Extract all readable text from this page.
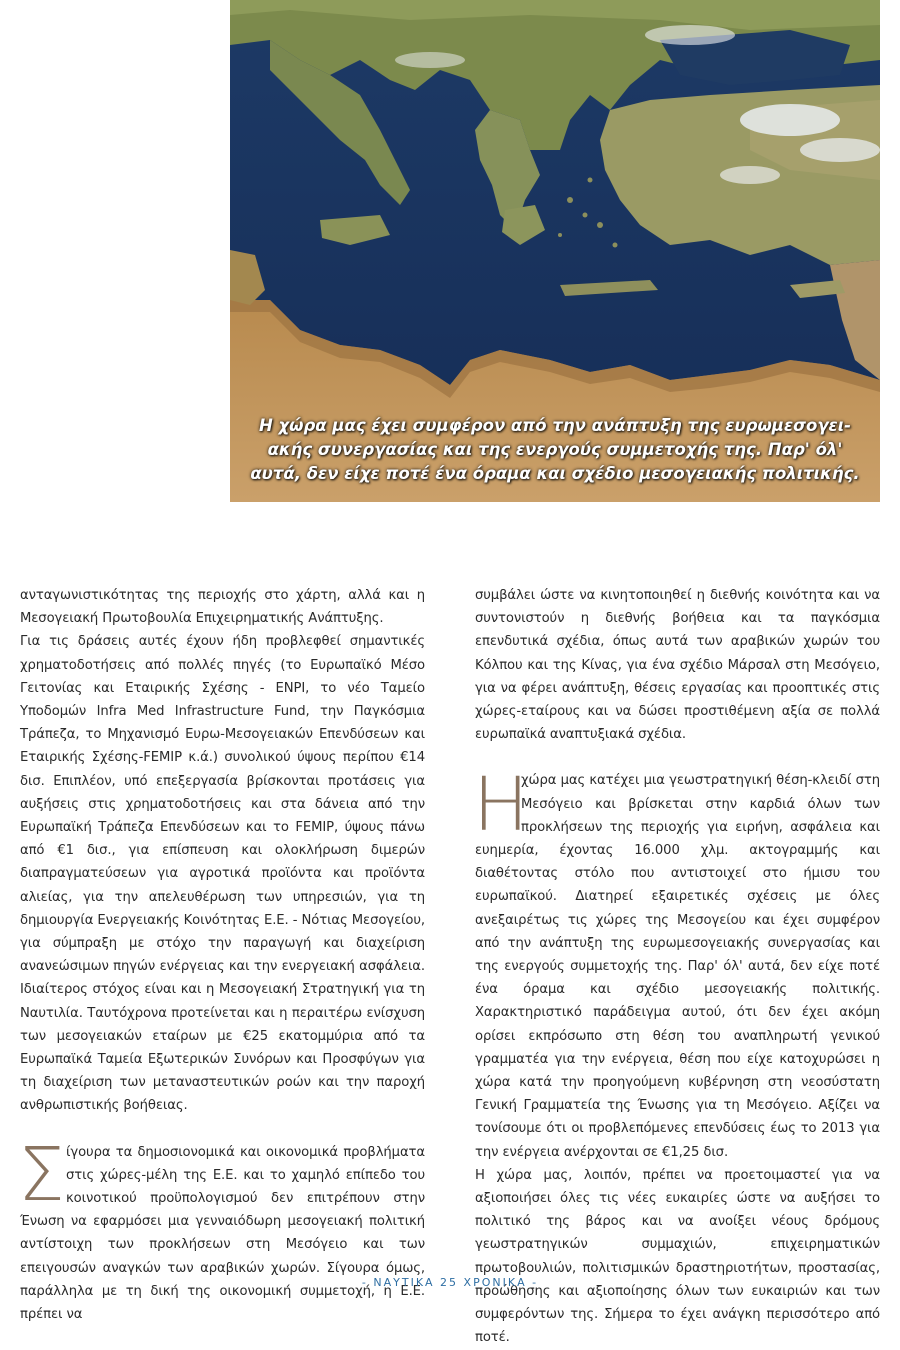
Η χώρα μας έχει συμφέρον από την ανάπτυξη της ευρωμεσογει-
ακής συνεργασίας και της ενεργούς συμμετοχής της. Παρ' όλ'
αυτά, δεν είχε ποτέ ένα όραμα και σχέδιο μεσογειακής πολιτικής.

ανταγωνιστικότητας της περιοχής στο χάρτη, αλλά και η Μεσογειακή Πρωτοβουλία Επιχειρηματικής Ανάπτυξης.

Για τις δράσεις αυτές έχουν ήδη προβλεφθεί σημαντικές χρηματοδοτήσεις από πολλές πηγές (το Ευρωπαϊκό Μέσο Γειτονίας και Εταιρικής Σχέσης - ENPI, το νέο Ταμείο Υποδομών Infra Med Infrastructure Fund, την Παγκόσμια Τράπεζα, το Μηχανισμό Ευρω-Μεσογειακών Επενδύσεων και Εταιρικής Σχέσης-FEMIP κ.ά.) συνολικού ύψους περίπου €14 δισ. Επιπλέον, υπό επεξεργασία βρίσκονται προτάσεις για αυξήσεις στις χρηματοδοτήσεις και στα δάνεια από την Ευρωπαϊκή Τράπεζα Επενδύσεων και το FEMIP, ύψους πάνω από €1 δισ., για επίσπευση και ολοκλήρωση διμερών διαπραγματεύσεων για αγροτικά προϊόντα και προϊόντα αλιείας, για την απελευθέρωση των υπηρεσιών, για τη δημιουργία Ενεργειακής Κοινότητας Ε.Ε. - Νότιας Μεσογείου, για σύμπραξη με στόχο την παραγωγή και διαχείριση ανανεώσιμων πηγών ενέργειας και την ενεργειακή ασφάλεια. Ιδιαίτερος στόχος είναι και η Μεσογειακή Στρατηγική για τη Ναυτιλία. Ταυτόχρονα προτείνεται και η περαιτέρω ενίσχυση των μεσογειακών εταίρων με €25 εκατομμύρια από τα Ευρωπαϊκά Ταμεία Εξωτερικών Συνόρων και Προσφύγων για τη διαχείριση των μεταναστευτικών ροών και την παροχή ανθρωπιστικής βοήθειας.

Σίγουρα τα δημοσιονομικά και οικονομικά προβλήματα στις χώρες-μέλη της Ε.Ε. και το χαμηλό επίπεδο του κοινοτικού προϋπολογισμού δεν επιτρέπουν στην Ένωση να εφαρμόσει μια γενναιόδωρη μεσογειακή πολιτική αντίστοιχη των προκλήσεων στη Μεσόγειο και των επειγουσών αναγκών των αραβικών χωρών. Σίγουρα όμως, παράλληλα με τη δική της οικονομική συμμετοχή, η Ε.Ε. πρέπει να

συμβάλει ώστε να κινητοποιηθεί η διεθνής κοινότητα και να συντονιστούν η διεθνής βοήθεια και τα παγκόσμια επενδυτικά σχέδια, όπως αυτά των αραβικών χωρών του Κόλπου και της Κίνας, για ένα σχέδιο Μάρσαλ στη Μεσόγειο, για να φέρει ανάπτυξη, θέσεις εργασίας και προοπτικές στις χώρες-εταίρους και να δώσει προστιθέμενη αξία σε πολλά ευρωπαϊκά αναπτυξιακά σχέδια.

Η
χώρα μας κατέχει μια γεωστρατηγική θέση-κλειδί στη Μεσόγειο και βρίσκεται στην καρδιά όλων των προκλήσεων της περιοχής για ειρήνη, ασφάλεια και ευημερία, έχοντας 16.000 χλμ. ακτογραμμής και διαθέτοντας στόλο που αντιστοιχεί στο ήμισυ του ευρωπαϊκού. Διατηρεί εξαιρετικές σχέσεις με όλες ανεξαιρέτως τις χώρες της Μεσογείου και έχει συμφέρον από την ανάπτυξη της ευρωμεσογειακής συνεργασίας και της ενεργούς συμμετοχής της. Παρ' όλ' αυτά, δεν είχε ποτέ ένα όραμα και σχέδιο μεσογειακής πολιτικής. Χαρακτηριστικό παράδειγμα αυτού, ότι δεν έχει ακόμη ορίσει εκπρόσωπο στη θέση του αναπληρωτή γενικού γραμματέα για την ενέργεια, θέση που είχε κατοχυρώσει η χώρα κατά την προηγούμενη κυβέρνηση στη νεοσύστατη Γενική Γραμματεία της Ένωσης για τη Μεσόγειο. Αξίζει να τονίσουμε ότι οι προβλεπόμενες επενδύσεις έως το 2013 για την ενέργεια ανέρχονται σε €1,25 δισ.

Η χώρα μας, λοιπόν, πρέπει να προετοιμαστεί για να αξιοποιήσει όλες τις νέες ευκαιρίες ώστε να αυξήσει το πολιτικό της βάρος και να ανοίξει νέους δρόμους γεωστρατηγικών συμμαχιών, επιχειρηματικών πρωτοβουλιών, πολιτισμικών δραστηριοτήτων, προστασίας, προώθησης και αξιοποίησης όλων των ευκαιριών και των συμφερόντων της. Σήμερα το έχει ανάγκη περισσότερο από ποτέ.

- ΝΑΥΤΙΚΑ 25 ΧΡΟΝΙΚΑ -
